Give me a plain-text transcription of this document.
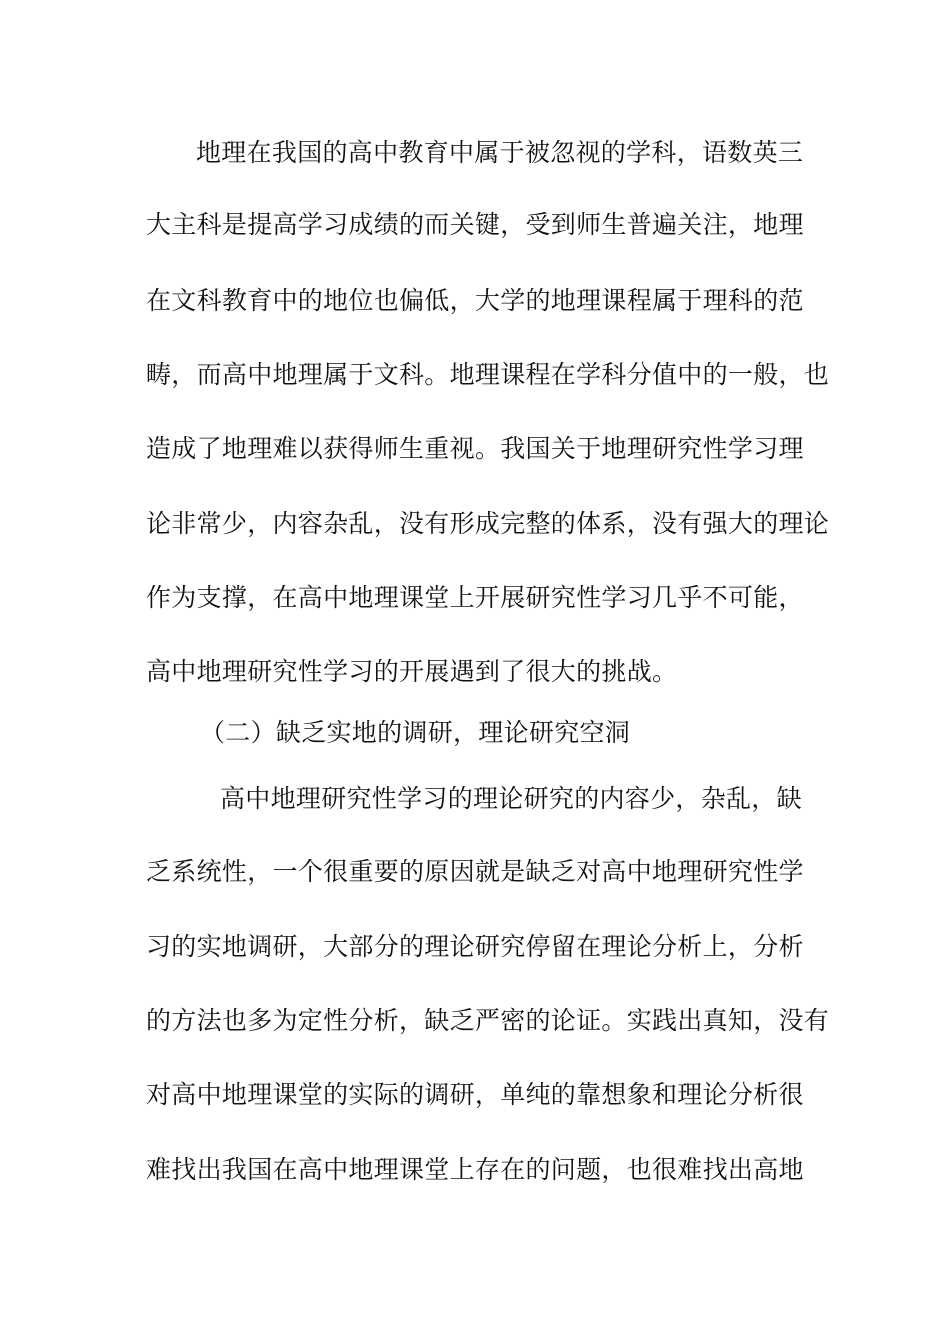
地理在我国的高中教育中属于被忽视的学科，语数英三
大主科是提高学习成绩的而关键，受到师生普遍关注，地理
在文科教育中的地位也偏低，大学的地理课程属于理科的范
畴，而高中地理属于文科。地理课程在学科分值中的一般，也
造成了地理难以获得师生重视。我国关于地理研究性学习理
论非常少，内容杂乱，没有形成完整的体系，没有强大的理论
作为支撑，在高中地理课堂上开展研究性学习几乎不可能，
高中地理研究性学习的开展遇到了很大的挑战。
（二）缺乏实地的调研，理论研究空洞
高中地理研究性学习的理论研究的内容少，杂乱，缺
乏系统性，一个很重要的原因就是缺乏对高中地理研究性学
习的实地调研，大部分的理论研究停留在理论分析上，分析
的方法也多为定性分析，缺乏严密的论证。实践出真知，没有
对高中地理课堂的实际的调研，单纯的靠想象和理论分析很
难找出我国在高中地理课堂上存在的问题，也很难找出高地
